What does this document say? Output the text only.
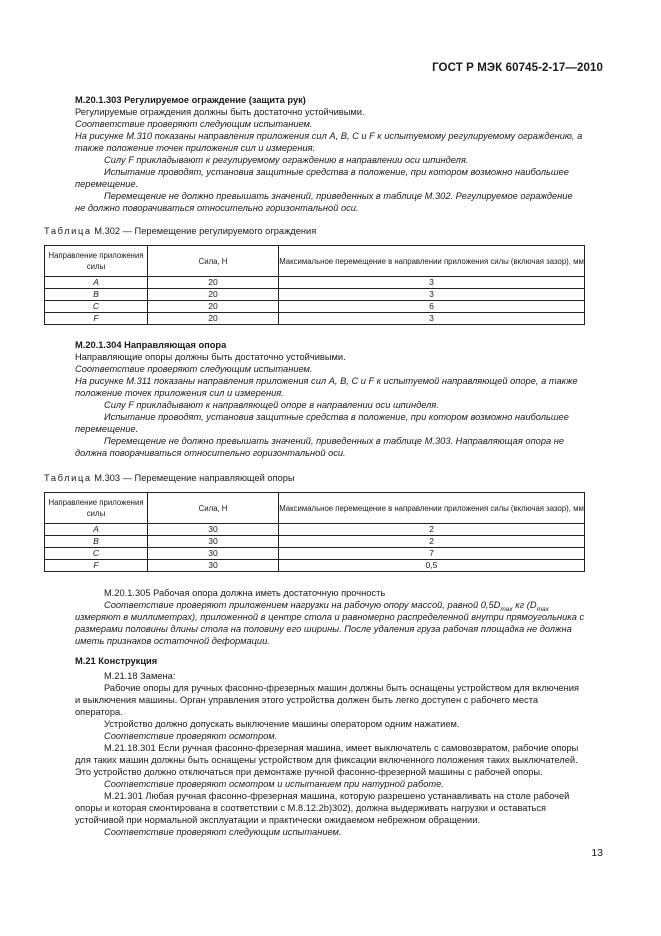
ГОСТ Р МЭК 60745-2-17—2010

М.20.1.303 Регулируемое ограждение (защита рук)

Регулируемые ограждения должны быть достаточно устойчивыми.

Соответствие проверяют следующим испытанием.

На рисунке М.310 показаны направления приложения сил A, B, C и F к испытуемому регулируемому ограждению, а также положение точек приложения сил и измерения.

Силу F прикладывают к регулируемому ограждению в направлении оси шпинделя.

Испытание проводят, установив защитные средства в положение, при котором возможно наибольшее перемещение.

Перемещение не должно превышать значений, приведенных в таблице М.302. Регулируемое ограждение не должно поворачиваться относительно горизонтальной оси.

Таблица М.302 — Перемещение регулируемого ограждения
Направление приложения силы	Сила, Н	Максимальное перемещение в направлении приложения силы (включая зазор), мм
A	20	3
B	20	3
C	20	6
F	20	3

М.20.1.304 Направляющая опора

Направляющие опоры должны быть достаточно устойчивыми.

Соответствие проверяют следующим испытанием.

На рисунке М.311 показаны направления приложения сил A, B, C и F к испытуемой направляющей опоре, а также положение точек приложения сил и измерения.

Силу F прикладывают к направляющей опоре в направлении оси шпинделя.

Испытание проводят, установив защитные средства в положение, при котором возможно наибольшее перемещение.

Перемещение не должно превышать значений, приведенных в таблице М.303. Направляющая опора не должна поворачиваться относительно горизонтальной оси.

Таблица М.303 — Перемещение направляющей опоры
Направление приложения силы	Сила, Н	Максимальное перемещение в направлении приложения силы (включая зазор), мм
A	30	2
B	30	2
C	30	7
F	30	0,5

М.20.1.305 Рабочая опора должна иметь достаточную прочность

Соответствие проверяют приложением нагрузки на рабочую опору массой, равной $0,5D_{max}$ кг ($D_{max}$ измеряют в миллиметрах), приложенной в центре стола и равномерно распределенной внутри прямоугольника с размерами половины длины стола на половину его ширины. После удаления груза рабочая площадка не должна иметь признаков остаточной деформации.

М.21 Конструкция

М.21.18 Замена:

Рабочие опоры для ручных фасонно-фрезерных машин должны быть оснащены устройством для включения и выключения машины. Орган управления этого устройства должен быть легко доступен с рабочего места оператора.

Устройство должно допускать выключение машины оператором одним нажатием.

Соответствие проверяют осмотром.

М.21.18.301 Если ручная фасонно-фрезерная машина, имеет выключатель с самовозвратом, рабочие опоры для таких машин должны быть оснащены устройством для фиксации включенного положения таких выключателей. Это устройство должно отключаться при демонтаже ручной фасонно-фрезерной машины с рабочей опоры.

Соответствие проверяют осмотром и испытанием при натурной работе.

М.21.301 Любая ручная фасонно-фрезерная машина, которую разрешено устанавливать на столе рабочей опоры и которая смонтирована в соответствии с М.8.12.2b)302), должна выдерживать нагрузки и оставаться устойчивой при нормальной эксплуатации и практически ожидаемом небрежном обращении.

Соответствие проверяют следующим испытанием.

13
